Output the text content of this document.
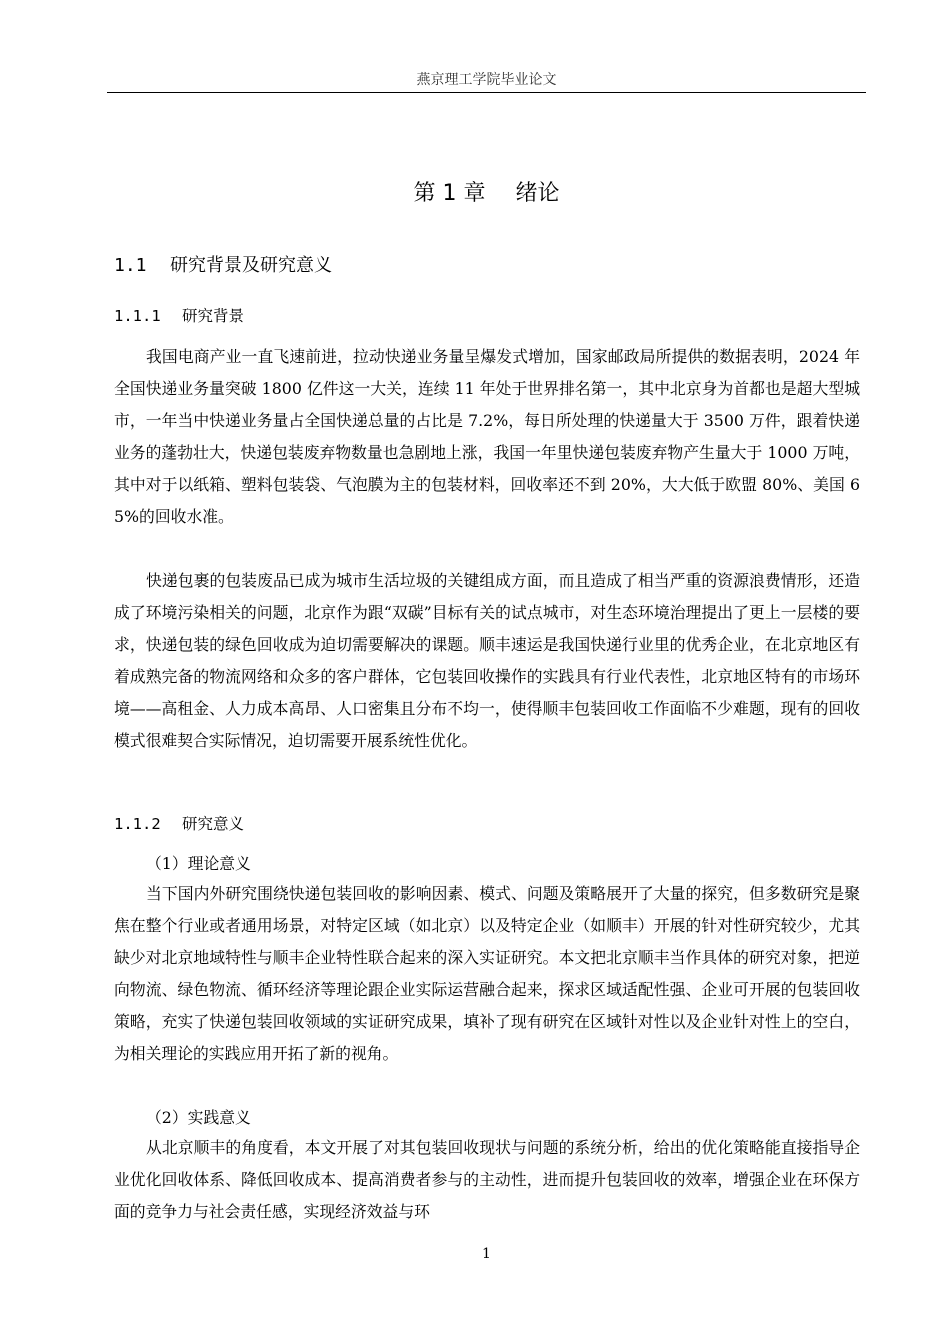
燕京理工学院毕业论文
第 1 章 绪论
1.1 研究背景及研究意义
1.1.1 研究背景

我国电商产业一直飞速前进，拉动快递业务量呈爆发式增加，国家邮政局所提供的数据表明，2024 年全国快递业务量突破 1800 亿件这一大关，连续 11 年处于世界排名第一，其中北京身为首都也是超大型城市，一年当中快递业务量占全国快递总量的占比是 7.2%，每日所处理的快递量大于 3500 万件，跟着快递业务的蓬勃壮大，快递包装废弃物数量也急剧地上涨，我国一年里快递包装废弃物产生量大于 1000 万吨，其中对于以纸箱、塑料包装袋、气泡膜为主的包装材料，回收率还不到 20%，大大低于欧盟 80%、美国 65%的回收水准。

快递包裹的包装废品已成为城市生活垃圾的关键组成方面，而且造成了相当严重的资源浪费情形，还造成了环境污染相关的问题，北京作为跟“双碳”目标有关的试点城市，对生态环境治理提出了更上一层楼的要求，快递包装的绿色回收成为迫切需要解决的课题。顺丰速运是我国快递行业里的优秀企业，在北京地区有着成熟完备的物流网络和众多的客户群体，它包装回收操作的实践具有行业代表性，北京地区特有的市场环境——高租金、人力成本高昂、人口密集且分布不均一，使得顺丰包装回收工作面临不少难题，现有的回收模式很难契合实际情况，迫切需要开展系统性优化。

1.1.2 研究意义

（1）理论意义

当下国内外研究围绕快递包装回收的影响因素、模式、问题及策略展开了大量的探究，但多数研究是聚焦在整个行业或者通用场景，对特定区域（如北京）以及特定企业（如顺丰）开展的针对性研究较少，尤其缺少对北京地域特性与顺丰企业特性联合起来的深入实证研究。本文把北京顺丰当作具体的研究对象，把逆向物流、绿色物流、循环经济等理论跟企业实际运营融合起来，探求区域适配性强、企业可开展的包装回收策略，充实了快递包装回收领域的实证研究成果，填补了现有研究在区域针对性以及企业针对性上的空白，为相关理论的实践应用开拓了新的视角。

（2）实践意义

从北京顺丰的角度看，本文开展了对其包装回收现状与问题的系统分析，给出的优化策略能直接指导企业优化回收体系、降低回收成本、提高消费者参与的主动性，进而提升包装回收的效率，增强企业在环保方面的竞争力与社会责任感，实现经济效益与环

1
